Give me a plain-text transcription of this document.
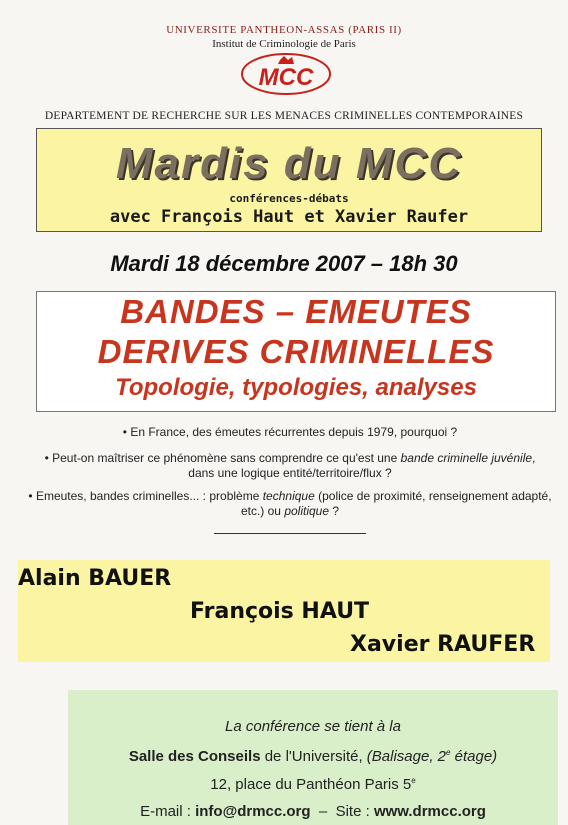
UNIVERSITE PANTHEON-ASSAS (PARIS II)
Institut de Criminologie de Paris
MCC
DEPARTEMENT DE RECHERCHE SUR LES MENACES CRIMINELLES CONTEMPORAINES
Mardis du MCC
conférences-débats
avec François Haut et Xavier Raufer
Mardi 18 décembre 2007 – 18h 30
BANDES – EMEUTES
DERIVES CRIMINELLES
Topologie, typologies, analyses
• En France, des émeutes récurrentes depuis 1979, pourquoi ?
• Peut-on maîtriser ce phénomène sans comprendre ce qu'est une bande criminelle juvénile, dans une logique entité/territoire/flux ?
• Emeutes, bandes criminelles... : problème technique (police de proximité, renseignement adapté, etc.) ou politique ?
Alain BAUER
François HAUT
Xavier RAUFER
La conférence se tient à la
Salle des Conseils de l'Université, (Balisage, 2e étage)
12, place du Panthéon Paris 5e
E-mail : info@drmcc.org  –  Site : www.drmcc.org
